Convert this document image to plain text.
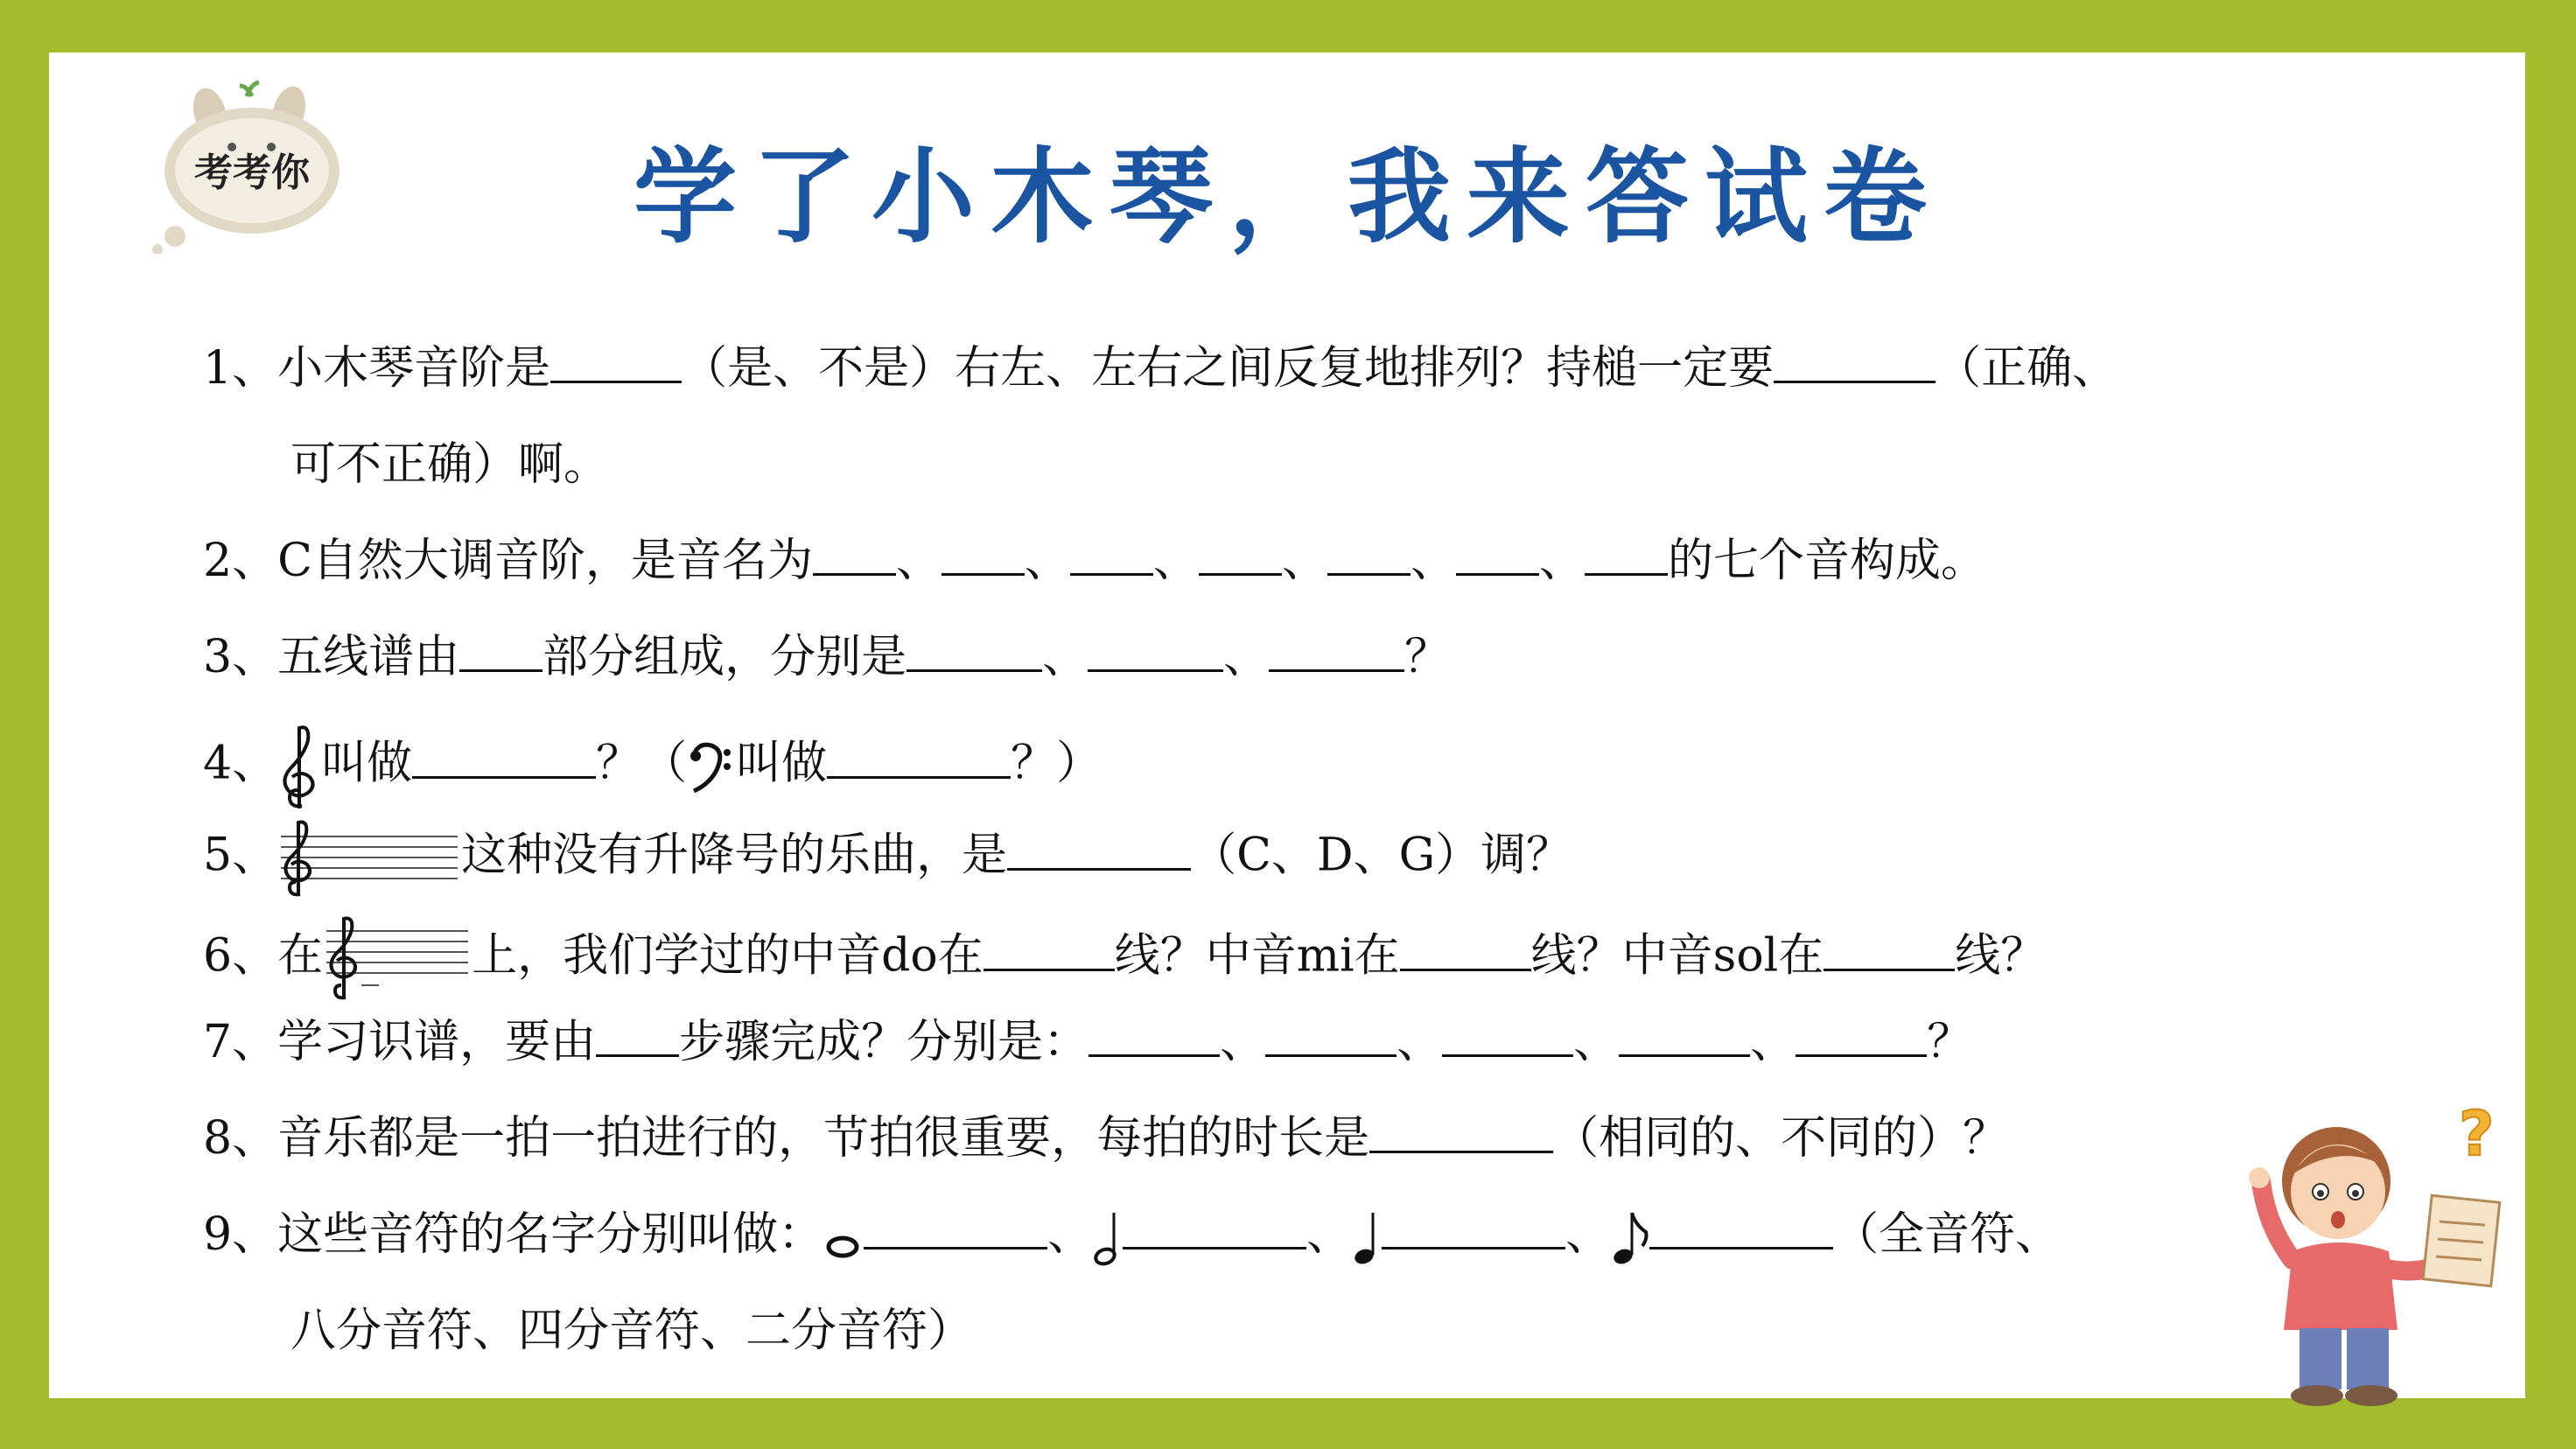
考考你	学了小木琴，我来答试卷
1、小木琴音阶是	（是、不是）右左、左右之间反复地排列？持槌一定要	（正确、
可不正确）啊。
2、C自然大调音阶，是音名为 、 、 、 、 、 、 的七个音构成。
3、五线谱由 部分组成，分别是	、	、	？
4、 叫做	？（ 叫做	？）
5、	这种没有升降号的乐曲，是	（C、D、G）调？
6、在	上，我们学过的中音do在	线？中音mi在	线？中音sol在	线？
7、学习识谱，要由 步骤完成？分别是：	、	、	、	、	？
8、音乐都是一拍一拍进行的，节拍很重要，每拍的时长是	（相同的、不同的）？
9、这些音符的名字分别叫做：	、	、	、	（全音符、
八分音符、四分音符、二分音符）
?
